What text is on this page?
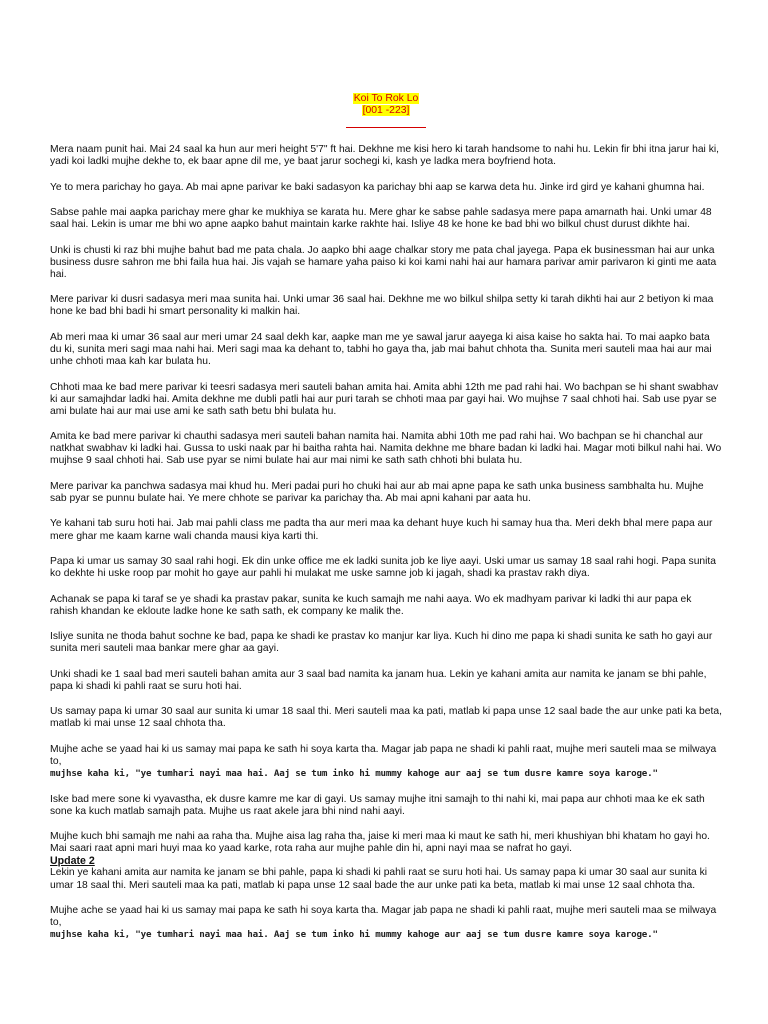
Koi To Rok Lo
[001 -223]

Mera naam punit hai. Mai 24 saal ka hun aur meri height 5'7" ft hai. Dekhne me kisi hero ki tarah handsome to nahi hu. Lekin fir bhi itna jarur hai ki, yadi koi ladki mujhe dekhe to, ek baar apne dil me, ye baat jarur sochegi ki, kash ye ladka mera boyfriend hota.

Ye to mera parichay ho gaya. Ab mai apne parivar ke baki sadasyon ka parichay bhi aap se karwa deta hu. Jinke ird gird ye kahani ghumna hai.

Sabse pahle mai aapka parichay mere ghar ke mukhiya se karata hu. Mere ghar ke sabse pahle sadasya mere papa amarnath hai. Unki umar 48 saal hai. Lekin is umar me bhi wo apne aapko bahut maintain karke rakhte hai. Isliye 48 ke hone ke bad bhi wo bilkul chust durust dikhte hai.

Unki is chusti ki raz bhi mujhe bahut bad me pata chala. Jo aapko bhi aage chalkar story me pata chal jayega. Papa ek businessman hai aur unka business dusre sahron me bhi faila hua hai. Jis vajah se hamare yaha paiso ki koi kami nahi hai aur hamara parivar amir parivaron ki ginti me aata hai.

Mere parivar ki dusri sadasya meri maa sunita hai. Unki umar 36 saal hai. Dekhne me wo bilkul shilpa setty ki tarah dikhti hai aur 2 betiyon ki maa hone ke bad bhi badi hi smart personality ki malkin hai.

Ab meri maa ki umar 36 saal aur meri umar 24 saal dekh kar, aapke man me ye sawal jarur aayega ki aisa kaise ho sakta hai. To mai aapko bata du ki, sunita meri sagi maa nahi hai. Meri sagi maa ka dehant to, tabhi ho gaya tha, jab mai bahut chhota tha. Sunita meri sauteli maa hai aur mai unhe chhoti maa kah kar bulata hu.

Chhoti maa ke bad mere parivar ki teesri sadasya meri sauteli bahan amita hai. Amita abhi 12th me pad rahi hai. Wo bachpan se hi shant swabhav ki aur samajhdar ladki hai. Amita dekhne me dubli patli hai aur puri tarah se chhoti maa par gayi hai. Wo mujhse 7 saal chhoti hai. Sab use pyar se ami bulate hai aur mai use ami ke sath sath betu bhi bulata hu.

Amita ke bad mere parivar ki chauthi sadasya meri sauteli bahan namita hai. Namita abhi 10th me pad rahi hai. Wo bachpan se hi chanchal aur natkhat swabhav ki ladki hai. Gussa to uski naak par hi baitha rahta hai. Namita dekhne me bhare badan ki ladki hai. Magar moti bilkul nahi hai. Wo mujhse 9 saal chhoti hai. Sab use pyar se nimi bulate hai aur mai nimi ke sath sath chhoti bhi bulata hu.

Mere parivar ka panchwa sadasya mai khud hu. Meri padai puri ho chuki hai aur ab mai apne papa ke sath unka business sambhalta hu. Mujhe sab pyar se punnu bulate hai. Ye mere chhote se parivar ka parichay tha. Ab mai apni kahani par aata hu.

Ye kahani tab suru hoti hai. Jab mai pahli class me padta tha aur meri maa ka dehant huye kuch hi samay hua tha. Meri dekh bhal mere papa aur mere ghar me kaam karne wali chanda mausi kiya karti thi.

Papa ki umar us samay 30 saal rahi hogi. Ek din unke office me ek ladki sunita job ke liye aayi. Uski umar us samay 18 saal rahi hogi. Papa sunita ko dekhte hi uske roop par mohit ho gaye aur pahli hi mulakat me uske samne job ki jagah, shadi ka prastav rakh diya.

Achanak se papa ki taraf se ye shadi ka prastav pakar, sunita ke kuch samajh me nahi aaya. Wo ek madhyam parivar ki ladki thi aur papa ek rahish khandan ke ekloute ladke hone ke sath sath, ek company ke malik the.

Isliye sunita ne thoda bahut sochne ke bad, papa ke shadi ke prastav ko manjur kar liya. Kuch hi dino me papa ki shadi sunita ke sath ho gayi aur sunita meri sauteli maa bankar mere ghar aa gayi.

Unki shadi ke 1 saal bad meri sauteli bahan amita aur 3 saal bad namita ka janam hua. Lekin ye kahani amita aur namita ke janam se bhi pahle, papa ki shadi ki pahli raat se suru hoti hai.

Us samay papa ki umar 30 saal aur sunita ki umar 18 saal thi. Meri sauteli maa ka pati, matlab ki papa unse 12 saal bade the aur unke pati ka beta, matlab ki mai unse 12 saal chhota tha.

Mujhe ache se yaad hai ki us samay mai papa ke sath hi soya karta tha. Magar jab papa ne shadi ki pahli raat, mujhe meri sauteli maa se milwaya to,
mujhse kaha ki, "ye tumhari nayi maa hai. Aaj se tum inko hi mummy kahoge aur aaj se tum dusre kamre soya karoge."

Iske bad mere sone ki vyavastha, ek dusre kamre me kar di gayi. Us samay mujhe itni samajh to thi nahi ki, mai papa aur chhoti maa ke ek sath sone ka kuch matlab samajh pata. Mujhe us raat akele jara bhi nind nahi aayi.

Mujhe kuch bhi samajh me nahi aa raha tha. Mujhe aisa lag raha tha, jaise ki meri maa ki maut ke sath hi, meri khushiyan bhi khatam ho gayi ho. Mai saari raat apni mari huyi maa ko yaad karke, rota raha aur mujhe pahle din hi, apni nayi maa se nafrat ho gayi.

Update 2

Lekin ye kahani amita aur namita ke janam se bhi pahle, papa ki shadi ki pahli raat se suru hoti hai. Us samay papa ki umar 30 saal aur sunita ki umar 18 saal thi. Meri sauteli maa ka pati, matlab ki papa unse 12 saal bade the aur unke pati ka beta, matlab ki mai unse 12 saal chhota tha.

Mujhe ache se yaad hai ki us samay mai papa ke sath hi soya karta tha. Magar jab papa ne shadi ki pahli raat, mujhe meri sauteli maa se milwaya to,
mujhse kaha ki, "ye tumhari nayi maa hai. Aaj se tum inko hi mummy kahoge aur aaj se tum dusre kamre soya karoge."
